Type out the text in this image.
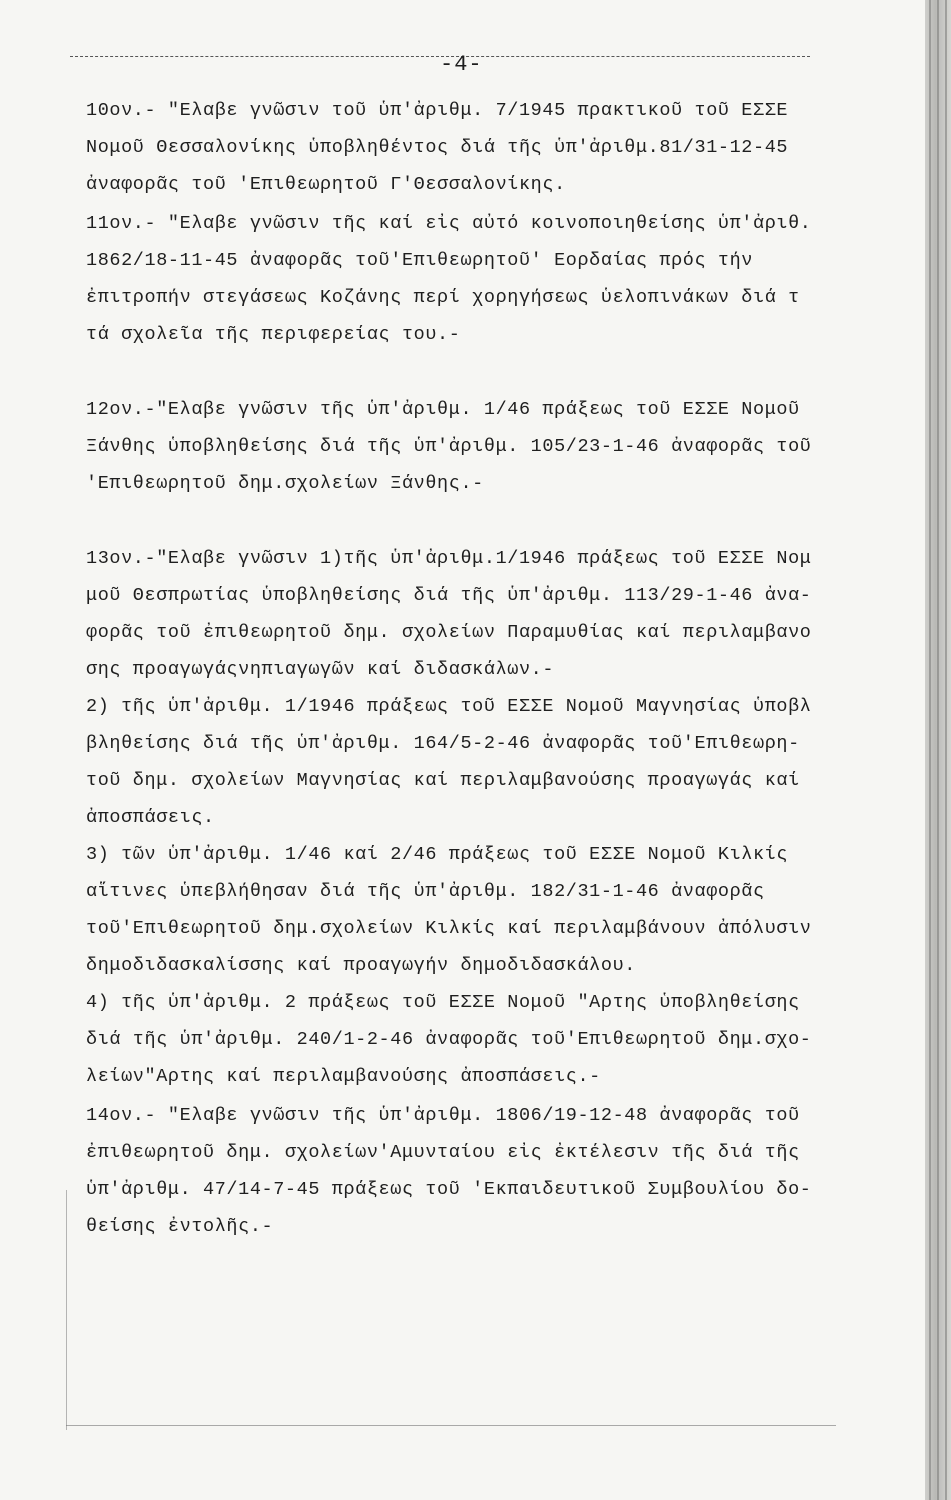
-4-
10ον.- "Ελαβε γνῶσιν τοῦ ὑπ'ἀριθμ. 7/1945 πρακτικοῦ τοῦ ΕΣΣΕ
Νομοῦ Θεσσαλονίκης ὑποβληθέντος διά τῆς ὑπ'ἀριθμ.81/31-12-45
ἀναφορᾶς τοῦ 'Επιθεωρητοῦ Γ'Θεσσαλονίκης.
11ον.- "Ελαβε γνῶσιν τῆς καί εἰς αὐτό κοινοποιηθείσης ὑπ'ἀριθ.
1862/18-11-45 ἀναφορᾶς τοῦ'Επιθεωρητοῦ' Εορδαίας πρός τήν
ἐπιτροπήν στεγάσεως Κοζάνης περί χορηγήσεως ὑελοπινάκων διά τ
τά σχολεῖα τῆς περιφερείας του.-
12ον.-"Ελαβε γνῶσιν τῆς ὑπ'ἀριθμ. 1/46 πράξεως τοῦ ΕΣΣΕ Νομοῦ
Ξάνθης ὑποβληθείσης διά τῆς ὑπ'ἀριθμ. 105/23-1-46 ἀναφορᾶς τοῦ
'Επιθεωρητοῦ δημ.σχολείων Ξάνθης.-
13ον.-"Ελαβε γνῶσιν 1)τῆς ὑπ'ἀριθμ.1/1946 πράξεως τοῦ ΕΣΣΕ Νομ
μοῦ Θεσπρωτίας ὑποβληθείσης διά τῆς ὑπ'ἀριθμ. 113/29-1-46 ἀνα-
φορᾶς τοῦ ἐπιθεωρητοῦ δημ. σχολείων Παραμυθίας καί περιλαμβανο
σης προαγωγάςνηπιαγωγῶν καί διδασκάλων.-
2) τῆς ὑπ'ἀριθμ. 1/1946 πράξεως τοῦ ΕΣΣΕ Νομοῦ Μαγνησίας ὑποβλ
βληθείσης διά τῆς ὑπ'ἀριθμ. 164/5-2-46 ἀναφορᾶς τοῦ'Επιθεωρη-
τοῦ δημ. σχολείων Μαγνησίας καί περιλαμβανούσης προαγωγάς καί
ἀποσπάσεις.
3) τῶν ὑπ'ἀριθμ. 1/46 καί 2/46 πράξεως τοῦ ΕΣΣΕ Νομοῦ Κιλκίς
αἵτινες ὑπεβλήθησαν διά τῆς ὑπ'ἀριθμ. 182/31-1-46 ἀναφορᾶς
τοῦ'Επιθεωρητοῦ δημ.σχολείων Κιλκίς καί περιλαμβάνουν ἀπόλυσιν
δημοδιδασκαλίσσης καί προαγωγήν δημοδιδασκάλου.
4) τῆς ὑπ'ἀριθμ. 2 πράξεως τοῦ ΕΣΣΕ Νομοῦ "Αρτης ὑποβληθείσης
διά τῆς ὑπ'ἀριθμ. 240/1-2-46 ἀναφορᾶς τοῦ'Επιθεωρητοῦ δημ.σχο-
λείων"Αρτης καί περιλαμβανούσης ἀποσπάσεις.-
14ον.- "Ελαβε γνῶσιν τῆς ὑπ'ἀριθμ. 1806/19-12-48 ἀναφορᾶς τοῦ
ἐπιθεωρητοῦ δημ. σχολείων'Αμυνταίου εἰς ἐκτέλεσιν τῆς διά τῆς
ὑπ'ἀριθμ. 47/14-7-45 πράξεως τοῦ 'Εκπαιδευτικοῦ Συμβουλίου δο-
θείσης ἐντολῆς.-
